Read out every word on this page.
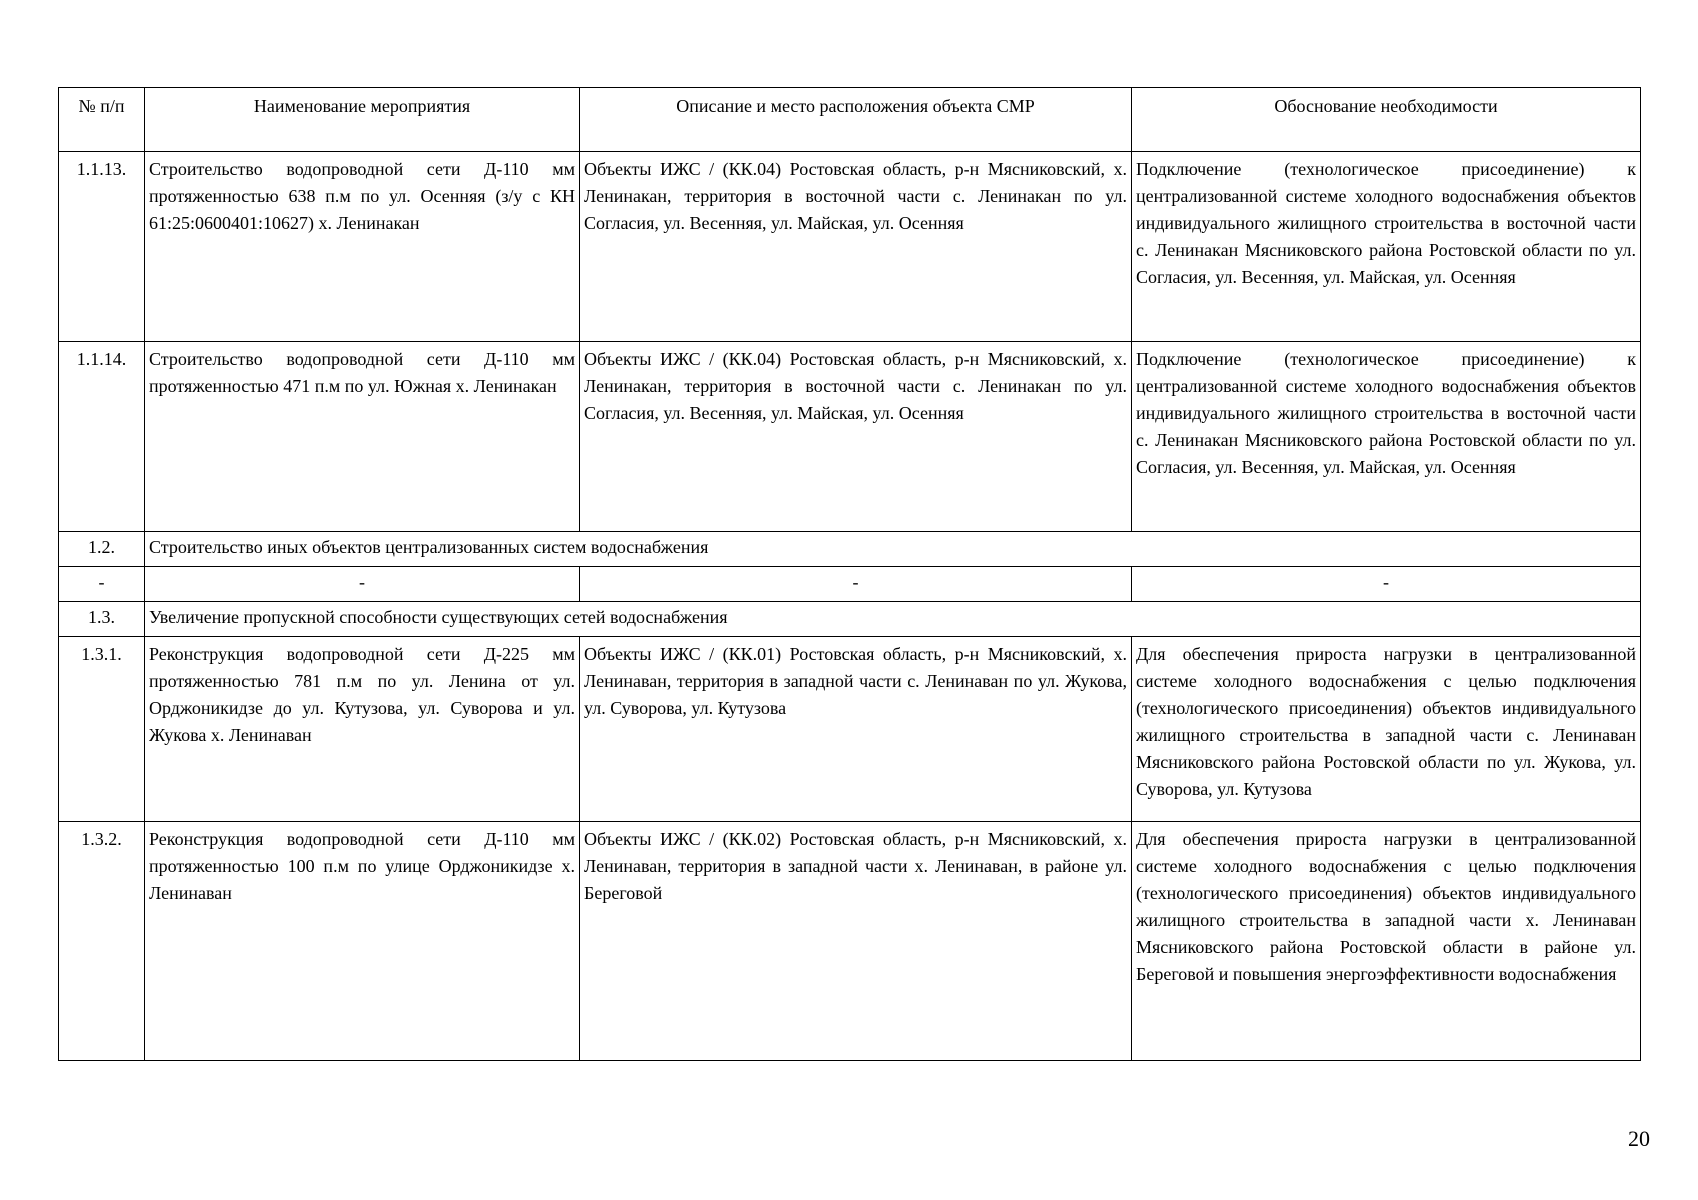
№ п/п	Наименование мероприятия	Описание и место расположения объекта СМР	Обоснование необходимости
1.1.13.	Строительство водопроводной сети Д-110 мм протяженностью 638 п.м по ул. Осенняя (з/у с КН 61:25:0600401:10627) х. Ленинакан	Объекты ИЖС / (КК.04) Ростовская область, р-н Мясниковский, х. Ленинакан, территория в восточной части с. Ленинакан по ул. Согласия, ул. Весенняя, ул. Майская, ул. Осенняя	Подключение (технологическое присоединение) к централизованной системе холодного водоснабжения объектов индивидуального жилищного строительства в восточной части с. Ленинакан Мясниковского района Ростовской области по ул. Согласия, ул. Весенняя, ул. Майская, ул. Осенняя
1.1.14.	Строительство водопроводной сети Д-110 мм протяженностью 471 п.м по ул. Южная х. Ленинакан	Объекты ИЖС / (КК.04) Ростовская область, р-н Мясниковский, х. Ленинакан, территория в восточной части с. Ленинакан по ул. Согласия, ул. Весенняя, ул. Майская, ул. Осенняя	Подключение (технологическое присоединение) к централизованной системе холодного водоснабжения объектов индивидуального жилищного строительства в восточной части с. Ленинакан Мясниковского района Ростовской области по ул. Согласия, ул. Весенняя, ул. Майская, ул. Осенняя
1.2.	Строительство иных объектов централизованных систем водоснабжения		
-	-	-	-
1.3.	Увеличение пропускной способности существующих сетей водоснабжения		
1.3.1.	Реконструкция водопроводной сети Д-225 мм протяженностью 781 п.м по ул. Ленина от ул. Орджоникидзе до ул. Кутузова, ул. Суворова и ул. Жукова х. Ленинаван	Объекты ИЖС / (КК.01) Ростовская область, р-н Мясниковский, х. Ленинаван, территория в западной части с. Ленинаван по ул. Жукова, ул. Суворова, ул. Кутузова	Для обеспечения прироста нагрузки в централизованной системе холодного водоснабжения с целью подключения (технологического присоединения) объектов индивидуального жилищного строительства в западной части с. Ленинаван Мясниковского района Ростовской области по ул. Жукова, ул. Суворова, ул. Кутузова
1.3.2.	Реконструкция водопроводной сети Д-110 мм протяженностью 100 п.м по улице Орджоникидзе х. Ленинаван	Объекты ИЖС / (КК.02) Ростовская область, р-н Мясниковский, х. Ленинаван, территория в западной части х. Ленинаван, в районе ул. Береговой	Для обеспечения прироста нагрузки в централизованной системе холодного водоснабжения с целью подключения (технологического присоединения) объектов индивидуального жилищного строительства в западной части х. Ленинаван Мясниковского района Ростовской области в районе ул. Береговой и повышения энергоэффективности водоснабжения
20
